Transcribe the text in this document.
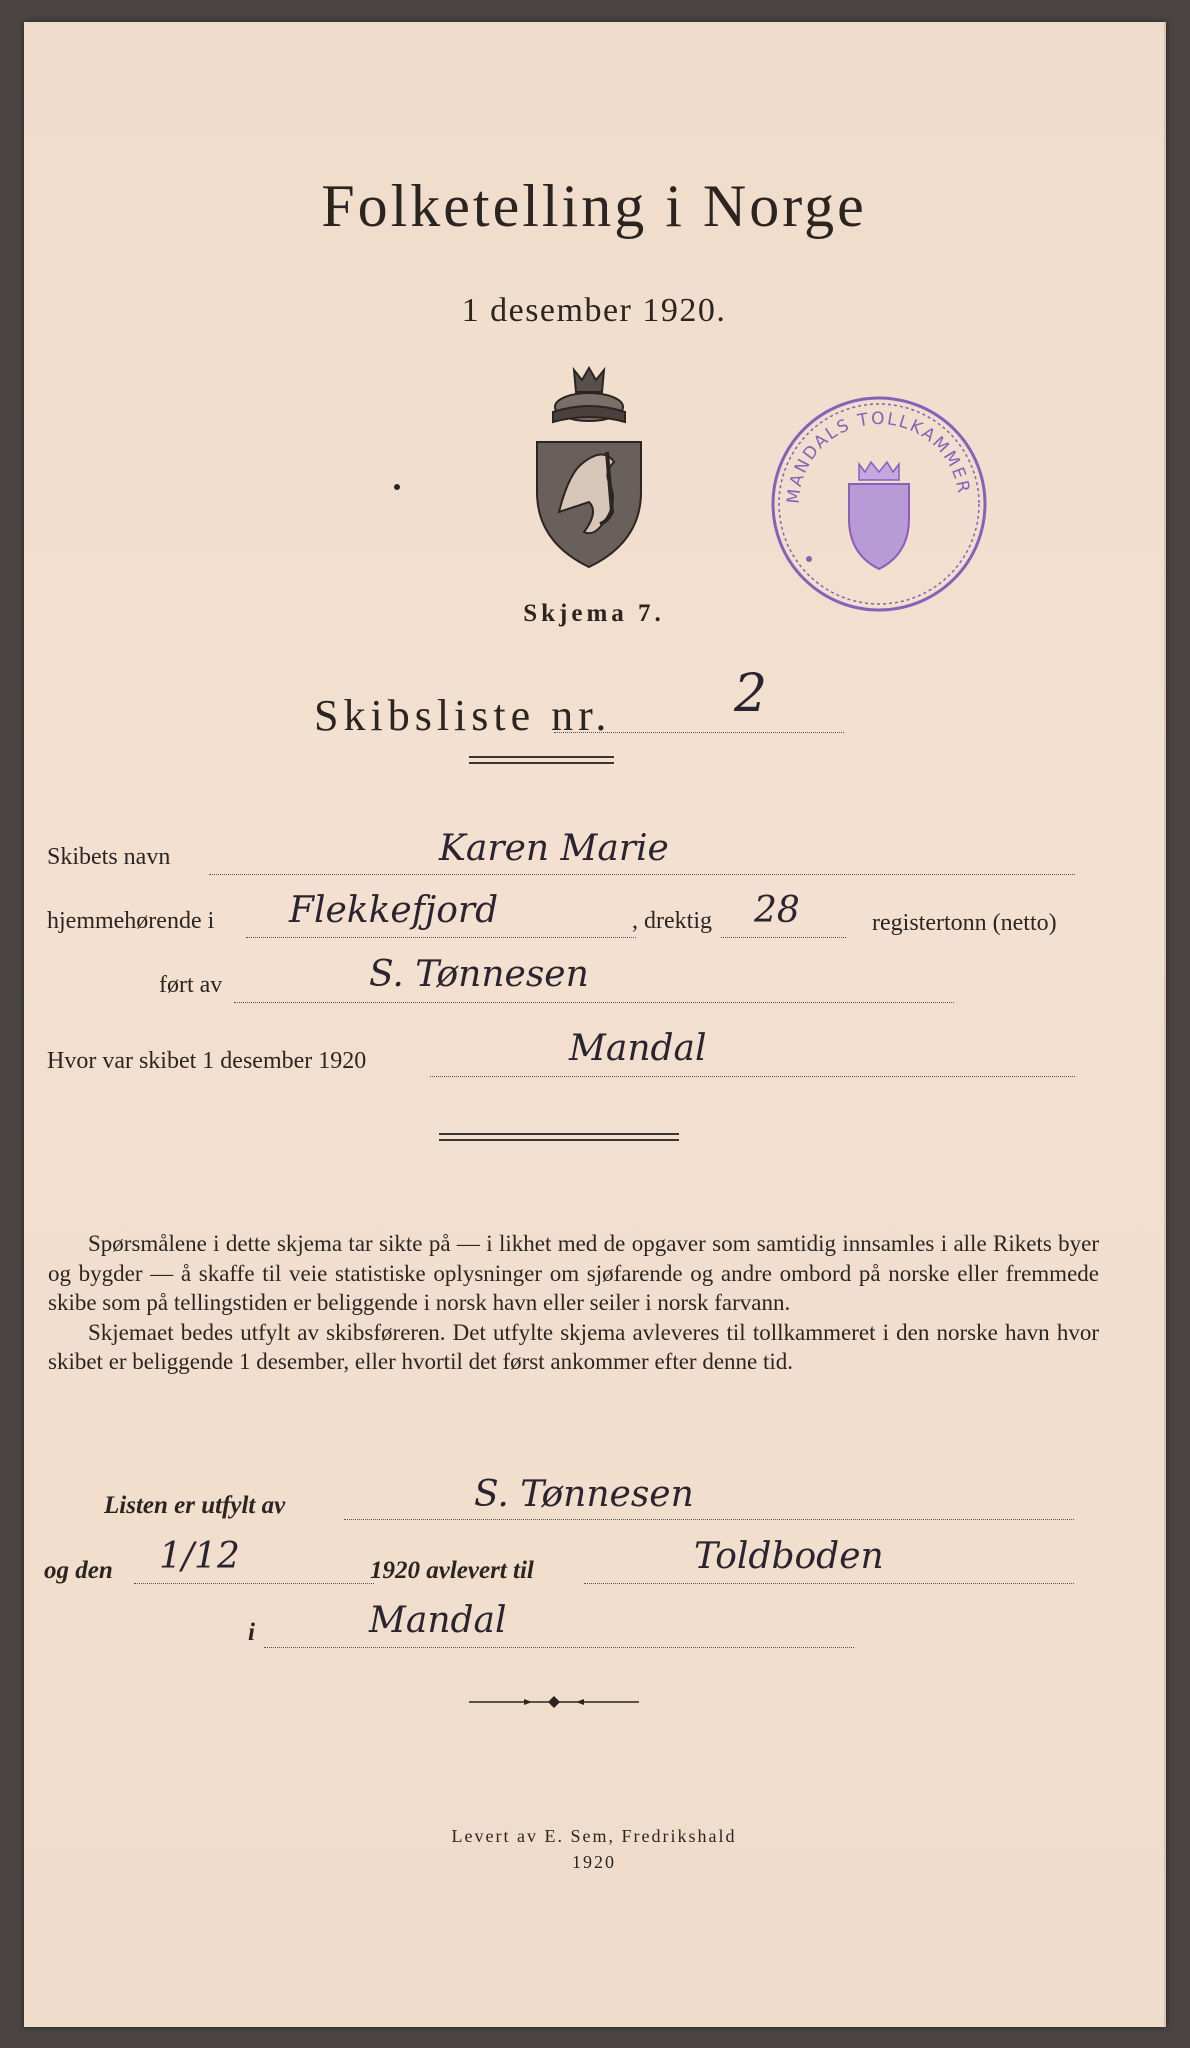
Folketelling i Norge
1 desember 1920.
MANDALS TOLLKAMMER
Skjema 7.
Skibsliste nr. 2
Skibets navn	Karen Marie
hjemmehørende i Flekkefjord	, drektig 28	registertonn (netto)
ført av	S. Tønnesen
Hvor var skibet 1 desember 1920	Mandal

Spørsmålene i dette skjema tar sikte på — i likhet med de opgaver som samtidig innsamles i alle Rikets byer og bygder — å skaffe til veie statistiske oplysninger om sjøfarende og andre ombord på norske eller fremmede skibe som på tellingstiden er beliggende i norsk havn eller seiler i norsk farvann.

Skjemaet bedes utfylt av skibsføreren. Det utfylte skjema avleveres til tollkammeret i den norske havn hvor skibet er beliggende 1 desember, eller hvortil det først ankommer efter denne tid.

Listen er utfylt av	S. Tønnesen
og den 1/12	1920 avlevert til	Toldboden
i	Mandal
Levert av E. Sem, Fredrikshald
1920
